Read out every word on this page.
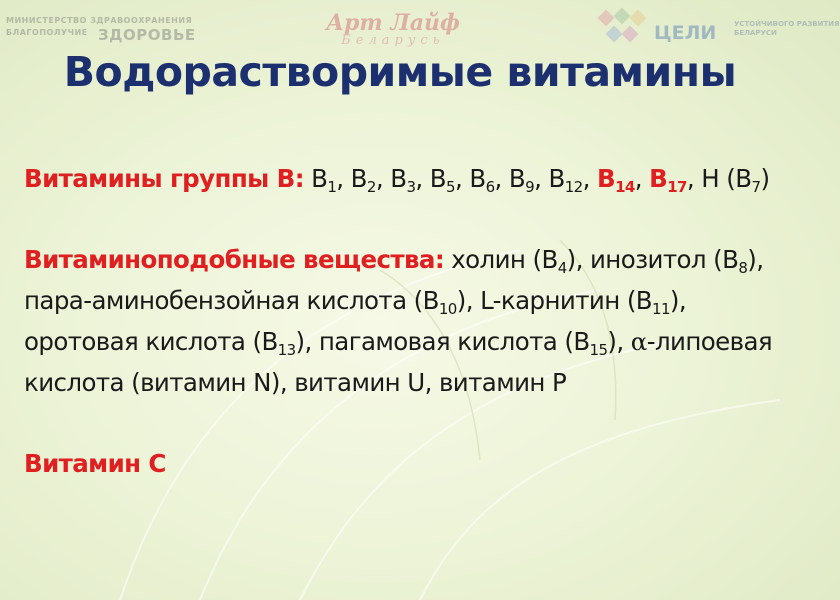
МИНИСТЕРСТВО ЗДРАВООХРАНЕНИЯ
БЛАГОПОЛУЧИЕ ЗДОРОВЬЕ	Арт Лайф
Беларусь	ЦЕЛИ	УСТОЙЧИВОГО РАЗВИТИЯ
БЕЛАРУСИ
Водорастворимые витамины

Витамины группы B: $B_1$, $B_2$, $B_3$, $B_5$, $B_6$, $B_9$, $B_{12}$, $B_{14}$, $B_{17}$, H $(B_7)$

Витаминоподобные вещества: холин $(B_4)$, инозитол $(B_8)$, пара-аминобензойная кислота $(B_{10})$, L-карнитин $(B_{11})$, оротовая кислота $(B_{13})$, пагамовая кислота $(B_{15})$, α-липоевая кислота (витамин N), витамин U, витамин P

Витамин С
